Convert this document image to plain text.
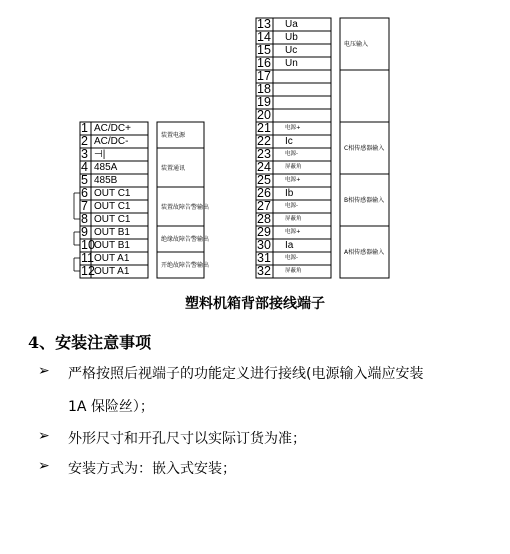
1 AC/DC+
2 AC/DC-
3 ⊣|
4 485A
5 485B
6 OUT C1
7 OUT C1
8 OUT C1
9 OUT B1
10 OUT B1
11 OUT A1
12 OUT A1
13 Ua
14 Ub
15 Uc
16 Un
17
18
19
20
21	电源+
22 Ic
23	电源-
24	屏蔽角
25	电源+
26 Ib
27	电源-
28	屏蔽角
29	电源+
30 Ia
31	电源-
32	屏蔽角
装置电源
装置通讯
装置故障告警输出
绝缘故障告警输出
开绝故障告警输出
电压输入
C相传感器输入
B相传感器输入
A相传感器输入
塑料机箱背部接线端子
4、安装注意事项
➢ 严格按照后视端子的功能定义进行接线(电源输入端应安装
1A 保险丝）；
➢ 外形尺寸和开孔尺寸以实际订货为准；
➢ 安装方式为：嵌入式安装；
